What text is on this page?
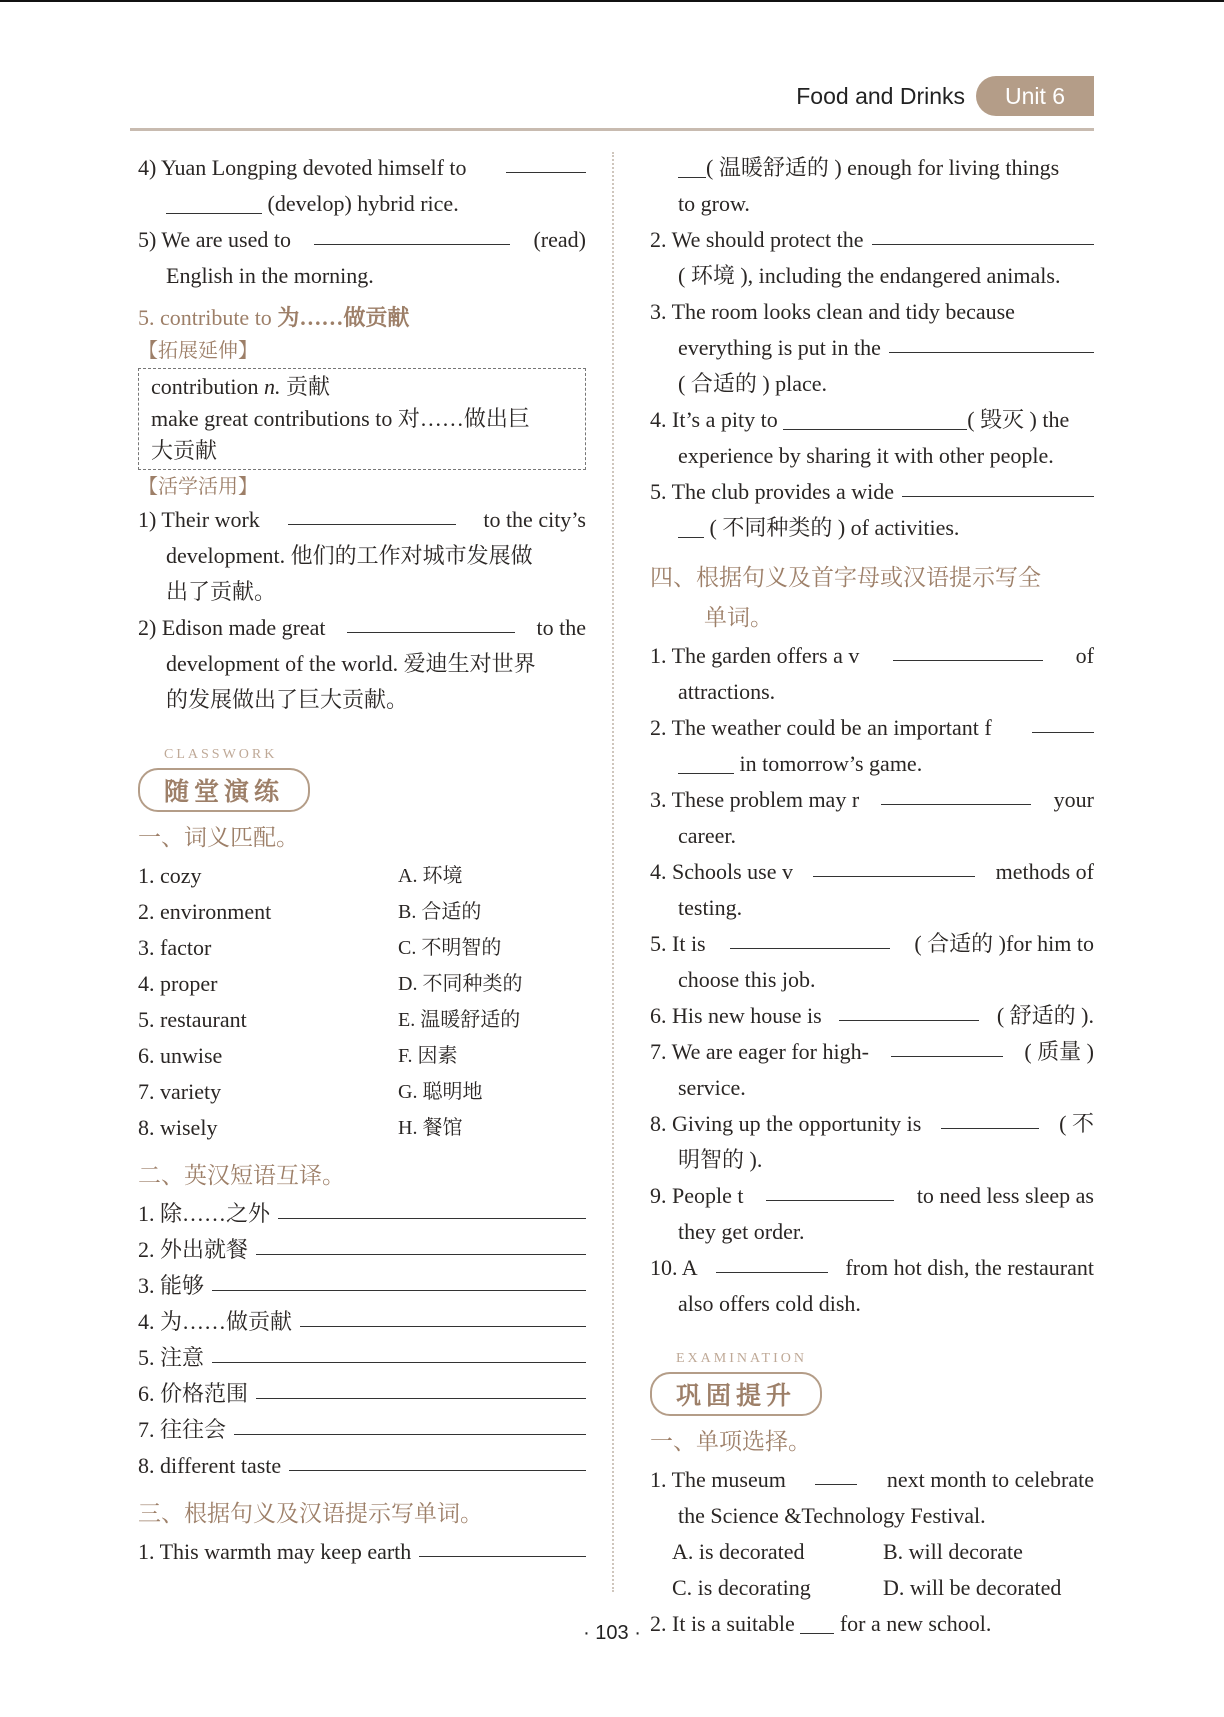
Food and Drinks	Unit 6
4) Yuan Longping devoted himself to
(develop) hybrid rice.
5) We are used to	(read)
English in the morning.
5. contribute to 为……做贡献
【拓展延伸】
contribution n. 贡献
make great contributions to 对……做出巨
大贡献
【活学活用】
1) Their work	to the city’s
development. 他们的工作对城市发展做
出了贡献。
2) Edison made great	to the
development of the world. 爱迪生对世界
的发展做出了巨大贡献。
CLASSWORK
随堂演练
一、词义匹配。
1. cozy	A. 环境
2. environment	B. 合适的
3. factor	C. 不明智的
4. proper	D. 不同种类的
5. restaurant	E. 温暖舒适的
6. unwise	F. 因素
7. variety	G. 聪明地
8. wisely	H. 餐馆
二、英汉短语互译。
1. 除……之外
2. 外出就餐
3. 能够
4. 为……做贡献
5. 注意
6. 价格范围
7. 往往会
8. different taste
三、根据句义及汉语提示写单词。
1. This warmth may keep earth
( 温暖舒适的 ) enough for living things
to grow.
2. We should protect the
( 环境 ), including the endangered animals.
3. The room looks clean and tidy because
everything is put in the
( 合适的 ) place.
4. It’s a pity to	( 毁灭 ) the
experience by sharing it with other people.
5. The club provides a wide
( 不同种类的 ) of activities.
四、根据句义及首字母或汉语提示写全
单词。
1. The garden offers a v	of
attractions.
2. The weather could be an important f
in tomorrow’s game.
3. These problem may r	your
career.
4. Schools use v	methods of
testing.
5. It is	( 合适的 )for him to
choose this job.
6. His new house is	( 舒适的 ).
7. We are eager for high-	( 质量 )
service.
8. Giving up the opportunity is	( 不
明智的 ).
9. People t	to need less sleep as
they get order.
10. A	from hot dish, the restaurant
also offers cold dish.
EXAMINATION
巩固提升
一、单项选择。
1. The museum	next month to celebrate
the Science &Technology Festival.
A. is decorated	B. will decorate
C. is decorating	D. will be decorated
2. It is a suitable for a new school.
· 103 ·
